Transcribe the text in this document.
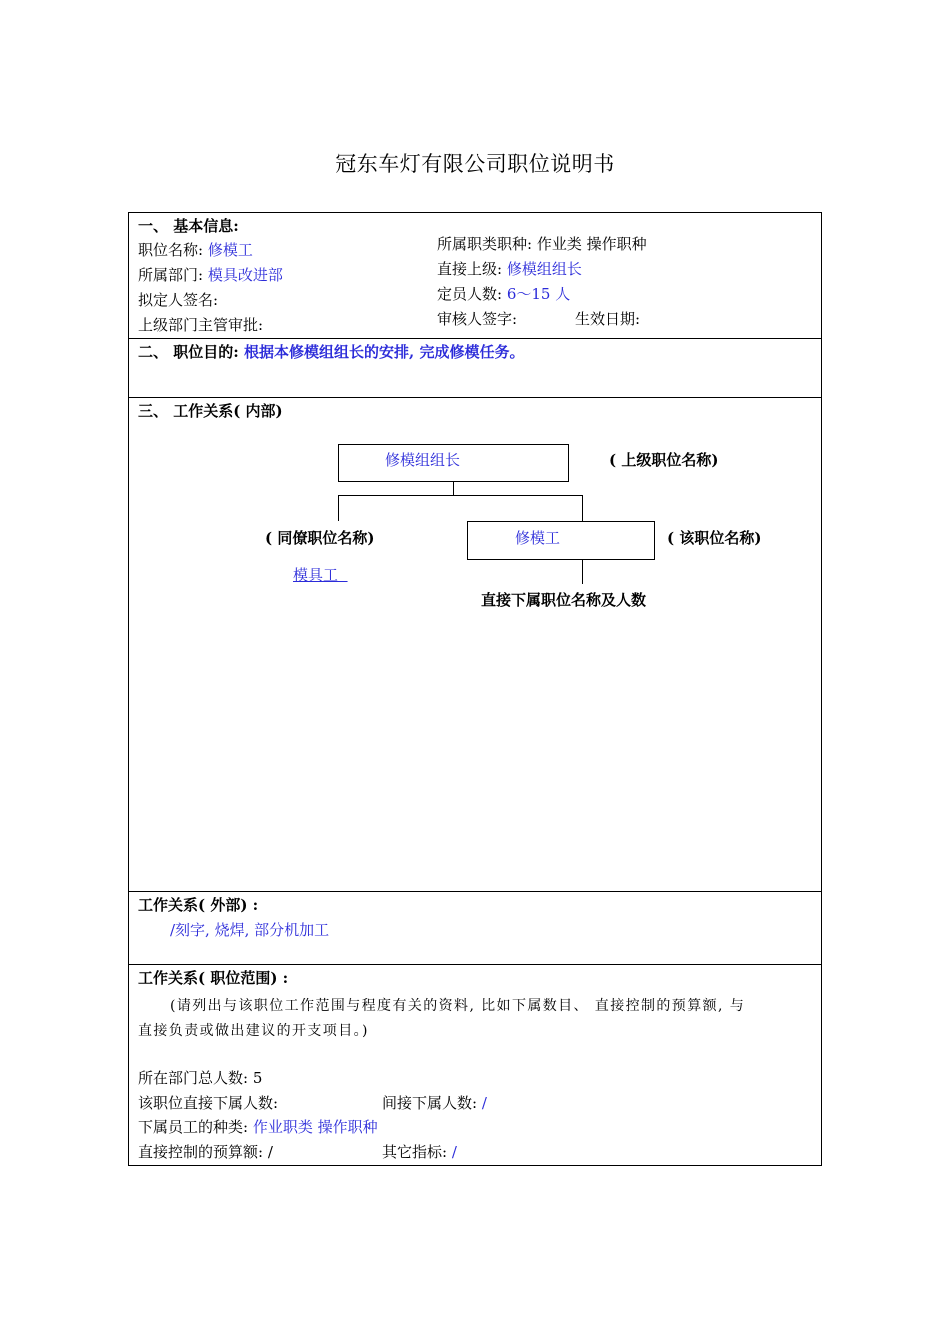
冠东车灯有限公司职位说明书
一、 基本信息:
职位名称: 修模工
所属部门: 模具改进部
拟定人签名:
上级部门主管审批:
所属职类职种: 作业类 操作职种
直接上级: 修模组组长
定员人数: 6～15 人
审核人签字:	生效日期:
二、 职位目的: 根据本修模组组长的安排, 完成修模任务。
三、 工作关系( 内部)
修模组组长	( 上级职位名称)
修模工	( 该职位名称)
( 同僚职位名称)
模具工
直接下属职位名称及人数
工作关系( 外部) :
/刻字, 烧焊, 部分机加工
工作关系( 职位范围) :
(请列出与该职位工作范围与程度有关的资料, 比如下属数目、 直接控制的预算额, 与
直接负责或做出建议的开支项目。)
所在部门总人数: 5
该职位直接下属人数:	间接下属人数: /
下属员工的种类: 作业职类 操作职种
直接控制的预算额: /	其它指标: /
